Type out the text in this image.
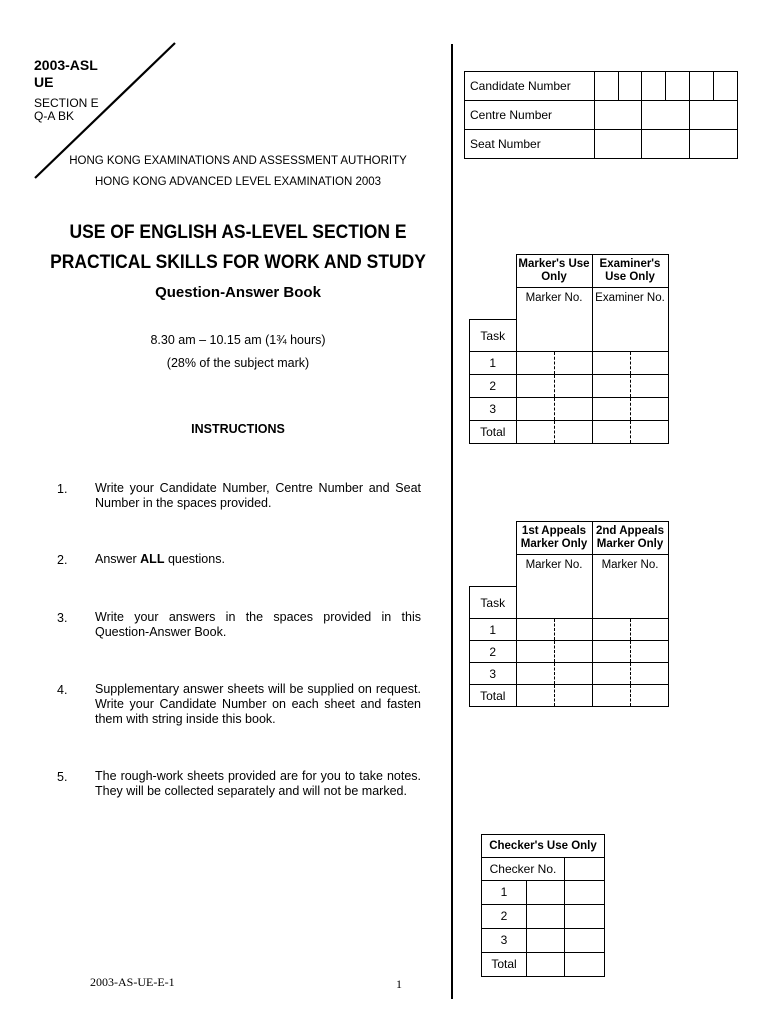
2003-ASL
UE
SECTION E
Q-A BK
HONG KONG EXAMINATIONS AND ASSESSMENT AUTHORITY
HONG KONG ADVANCED LEVEL EXAMINATION 2003
USE OF ENGLISH AS-LEVEL SECTION E
PRACTICAL SKILLS FOR WORK AND STUDY
Question-Answer Book
8.30 am – 10.15 am (1¾ hours)
(28% of the subject mark)
INSTRUCTIONS
1. Write your Candidate Number, Centre Number and Seat Number in the spaces provided.
2. Answer ALL questions.
3. Write your answers in the spaces provided in this Question-Answer Book.
4. Supplementary answer sheets will be supplied on request. Write your Candidate Number on each sheet and fasten them with string inside this book.
5. The rough-work sheets provided are for you to take notes. They will be collected separately and will not be marked.
2003-AS-UE-E-1	1
Candidate Number						
Centre Number						
Seat Number						
	Marker's Use Only		Examiner's Use Only	
	Marker No.		Examiner No.	
Task				
1				
2				
3				
Total				
	1st Appeals Marker Only		2nd Appeals Marker Only	
	Marker No.		Marker No.	
Task				
1				
2				
3				
Total				
Checker's Use Only	
Checker No.	

1	

2	

3	

Total	
